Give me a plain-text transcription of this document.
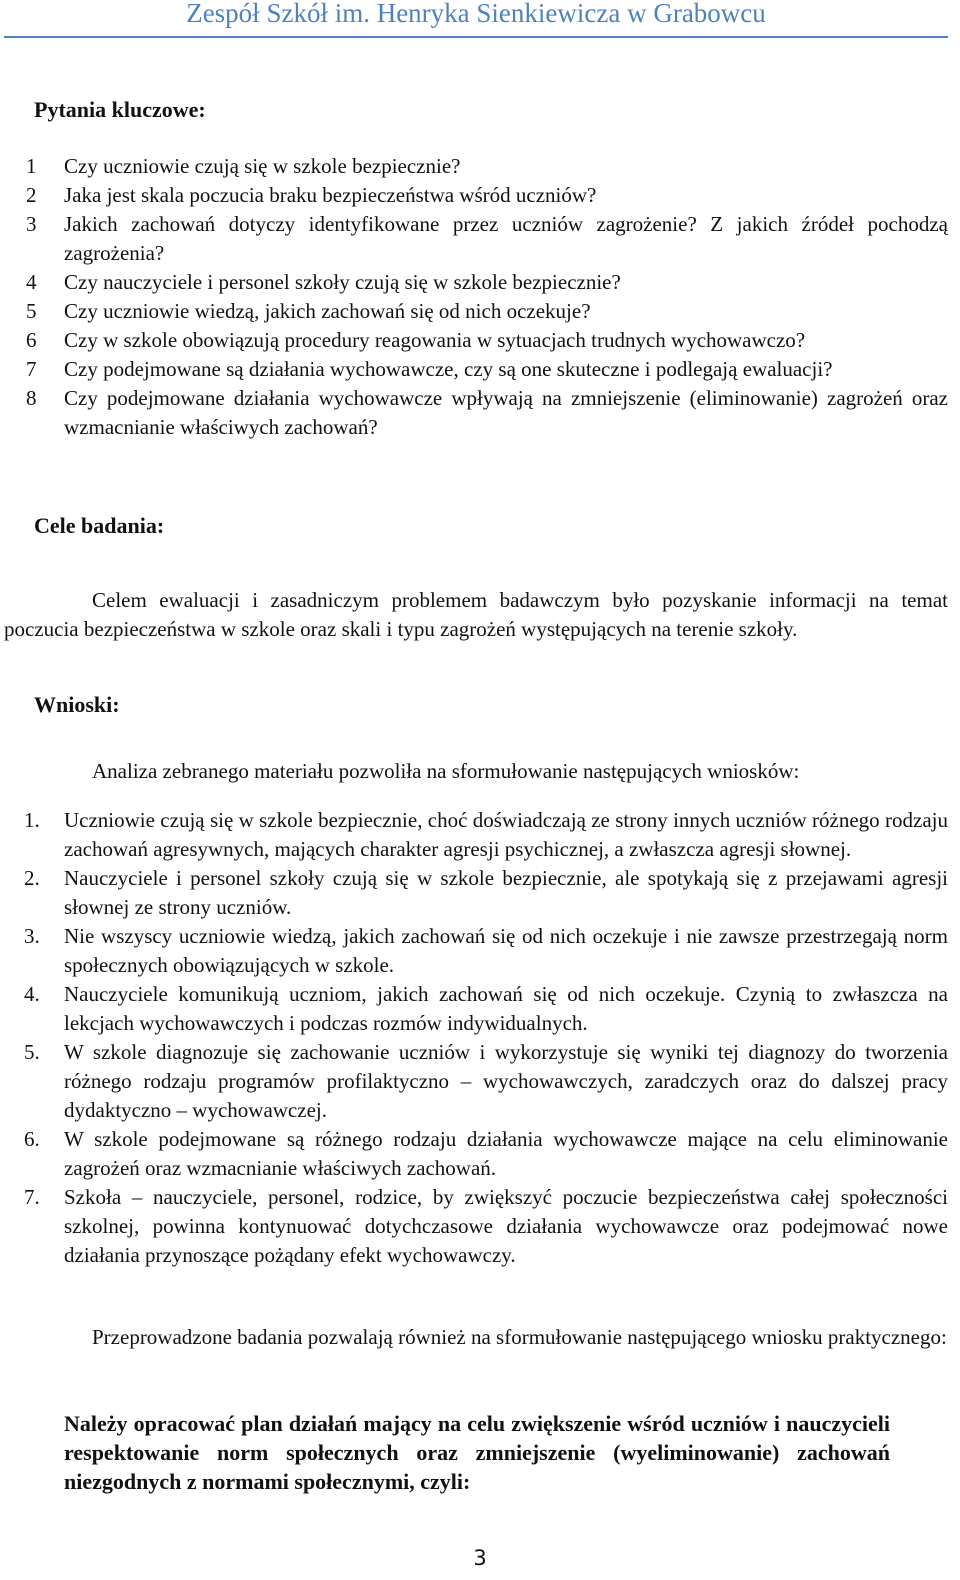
Zespół Szkół im. Henryka Sienkiewicza w Grabowcu
Pytania kluczowe:
1 Czy uczniowie czują się w szkole bezpiecznie?
2 Jaka jest skala poczucia braku bezpieczeństwa wśród uczniów?
3 Jakich zachowań dotyczy identyfikowane przez uczniów zagrożenie? Z jakich źródeł pochodzą zagrożenia?
4 Czy nauczyciele i personel szkoły czują się w szkole bezpiecznie?
5 Czy uczniowie wiedzą, jakich zachowań się od nich oczekuje?
6 Czy w szkole obowiązują procedury reagowania w sytuacjach trudnych wychowawczo?
7 Czy podejmowane są działania wychowawcze, czy są one skuteczne i podlegają ewaluacji?
8 Czy podejmowane działania wychowawcze wpływają na zmniejszenie (eliminowanie) zagrożeń oraz wzmacnianie właściwych zachowań?
Cele badania:

Celem ewaluacji i zasadniczym problemem badawczym było pozyskanie informacji na temat poczucia bezpieczeństwa w szkole oraz skali i typu zagrożeń występujących na terenie szkoły.

Wnioski:

Analiza zebranego materiału pozwoliła na sformułowanie następujących wniosków:

1. Uczniowie czują się w szkole bezpiecznie, choć doświadczają ze strony innych uczniów różnego rodzaju zachowań agresywnych, mających charakter agresji psychicznej, a zwłaszcza agresji słownej.
2. Nauczyciele i personel szkoły czują się w szkole bezpiecznie, ale spotykają się z przejawami agresji słownej ze strony uczniów.
3. Nie wszyscy uczniowie wiedzą, jakich zachowań się od nich oczekuje i nie zawsze przestrzegają norm społecznych obowiązujących w szkole.
4. Nauczyciele komunikują uczniom, jakich zachowań się od nich oczekuje. Czynią to zwłaszcza na lekcjach wychowawczych i podczas rozmów indywidualnych.
5. W szkole diagnozuje się zachowanie uczniów i wykorzystuje się wyniki tej diagnozy do tworzenia różnego rodzaju programów profilaktyczno – wychowawczych, zaradczych oraz do dalszej pracy dydaktyczno – wychowawczej.
6. W szkole podejmowane są różnego rodzaju działania wychowawcze mające na celu eliminowanie zagrożeń oraz wzmacnianie właściwych zachowań.
7. Szkoła – nauczyciele, personel, rodzice, by zwiększyć poczucie bezpieczeństwa całej społeczności szkolnej, powinna kontynuować dotychczasowe działania wychowawcze oraz podejmować nowe działania przynoszące pożądany efekt wychowawczy.

Przeprowadzone badania pozwalają również na sformułowanie następującego wniosku praktycznego:

Należy opracować plan działań mający na celu zwiększenie wśród uczniów i nauczycieli respektowanie norm społecznych oraz zmniejszenie (wyeliminowanie) zachowań niezgodnych z normami społecznymi, czyli:

3
